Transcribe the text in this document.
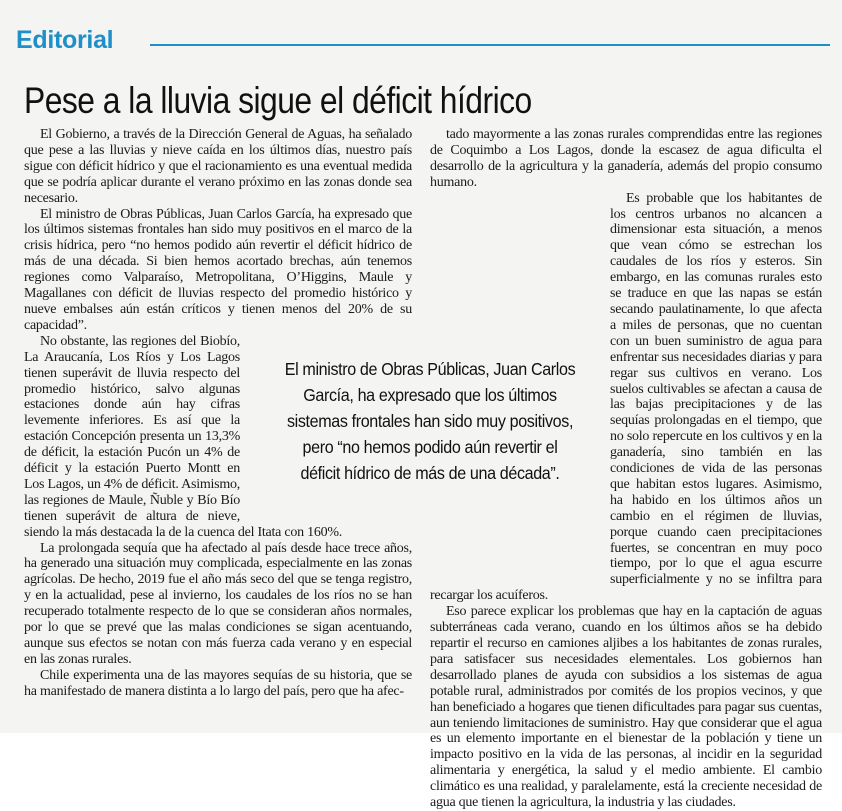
Editorial
Pese a la lluvia sigue el déficit hídrico

El Gobierno, a través de la Dirección General de Aguas, ha señalado que pese a las lluvias y nieve caída en los últimos días, nuestro país sigue con déficit hídrico y que el racionamiento es una eventual medida que se podría aplicar durante el verano próximo en las zonas donde sea necesario.

El ministro de Obras Públicas, Juan Carlos García, ha expresado que los últimos sistemas frontales han sido muy positivos en el marco de la crisis hídrica, pero “no hemos podido aún revertir el déficit hídrico de más de una década. Si bien hemos acortado brechas, aún tenemos regiones como Valparaíso, Metropolitana, O’Higgins, Maule y Magallanes con déficit de lluvias respecto del promedio histórico y nueve embalses aún están críticos y tienen menos del 20% de su capacidad”.

No obstante, las regiones del Biobío, La Araucanía, Los Ríos y Los Lagos tienen superávit de lluvia respecto del promedio histórico, salvo algunas estaciones donde aún hay cifras levemente inferiores. Es así que la estación Concepción presenta un 13,3% de déficit, la estación Pucón un 4% de déficit y la estación Puerto Montt en Los Lagos, un 4% de déficit. Asimismo, las regiones de Maule, Ñuble y Bío Bío tienen superávit de altura de nieve, siendo la más destacada la de la cuenca del Itata con 160%.

La prolongada sequía que ha afectado al país desde hace trece años, ha generado una situación muy complicada, especialmente en las zonas agrícolas. De hecho, 2019 fue el año más seco del que se tenga registro, y en la actualidad, pese al invierno, los caudales de los ríos no se han recuperado totalmente respecto de lo que se consideran años normales, por lo que se prevé que las malas condiciones se sigan acentuando, aunque sus efectos se notan con más fuerza cada verano y en especial en las zonas rurales.

Chile experimenta una de las mayores sequías de su historia, que se ha manifestado de manera distinta a lo largo del país, pero que ha afec-

tado mayormente a las zonas rurales comprendidas entre las regiones de Coquimbo a Los Lagos, donde la escasez de agua dificulta el desarrollo de la agricultura y la ganadería, además del propio consumo humano.

Es probable que los habitantes de los centros urbanos no alcancen a dimensionar esta situación, a menos que vean cómo se estrechan los caudales de los ríos y esteros. Sin embargo, en las comunas rurales esto se traduce en que las napas se están secando paulatinamente, lo que afecta a miles de personas, que no cuentan con un buen suministro de agua para enfrentar sus necesidades diarias y para regar sus cultivos en verano. Los suelos cultivables se afectan a causa de las bajas precipitaciones y de las sequías prolongadas en el tiempo, que no solo repercute en los cultivos y en la ganadería, sino también en las condiciones de vida de las personas que habitan estos lugares. Asimismo, ha habido en los últimos años un cambio en el régimen de lluvias, porque cuando caen precipitaciones fuertes, se concentran en muy poco tiempo, por lo que el agua escurre superficialmente y no se infiltra para recargar los acuíferos.

Eso parece explicar los problemas que hay en la captación de aguas subterráneas cada verano, cuando en los últimos años se ha debido repartir el recurso en camiones aljibes a los habitantes de zonas rurales, para satisfacer sus necesidades elementales. Los gobiernos han desarrollado planes de ayuda con subsidios a los sistemas de agua potable rural, administrados por comités de los propios vecinos, y que han beneficiado a hogares que tienen dificultades para pagar sus cuentas, aun teniendo limitaciones de suministro. Hay que considerar que el agua es un elemento importante en el bienestar de la población y tiene un impacto positivo en la vida de las personas, al incidir en la seguridad alimentaria y energética, la salud y el medio ambiente. El cambio climático es una realidad, y paralelamente, está la creciente necesidad de agua que tienen la agricultura, la industria y las ciudades.

El ministro de Obras Públicas, Juan Carlos García, ha expresado que los últimos sistemas frontales han sido muy positivos, pero “no hemos podido aún revertir el déficit hídrico de más de una década”.
